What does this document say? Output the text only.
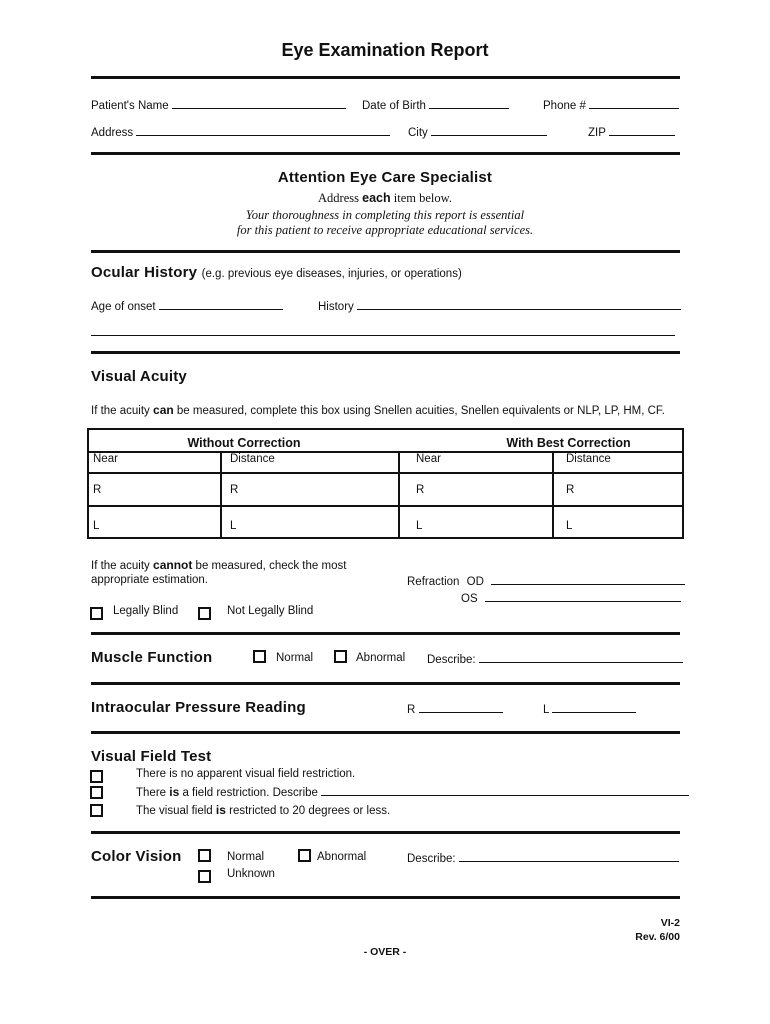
Eye Examination Report
Patient's Name	Date of Birth	Phone #
Address	City	ZIP
Attention Eye Care Specialist
Address each item below.
Your thoroughness in completing this report is essential
for this patient to receive appropriate educational services.
Ocular History (e.g. previous eye diseases, injuries, or operations)
Age of onset	History
Visual Acuity
If the acuity can be measured, complete this box using Snellen acuities, Snellen equivalents or NLP, LP, HM, CF.
Without Correction		With Best Correction	
Near	Distance	Near	Distance
R	R	R	R
L	L	L	L
If the acuity cannot be measured, check the most
appropriate estimation.	Refraction OD
OS
Legally Blind	Not Legally Blind
Muscle Function	Normal	Abnormal Describe:
Intraocular Pressure Reading	R	L
Visual Field Test
There is no apparent visual field restriction.
There is a field restriction. Describe
The visual field is restricted to 20 degrees or less.
Color Vision	Normal	Abnormal
Unknown
Describe:
VI-2
Rev. 6/00
- OVER -
